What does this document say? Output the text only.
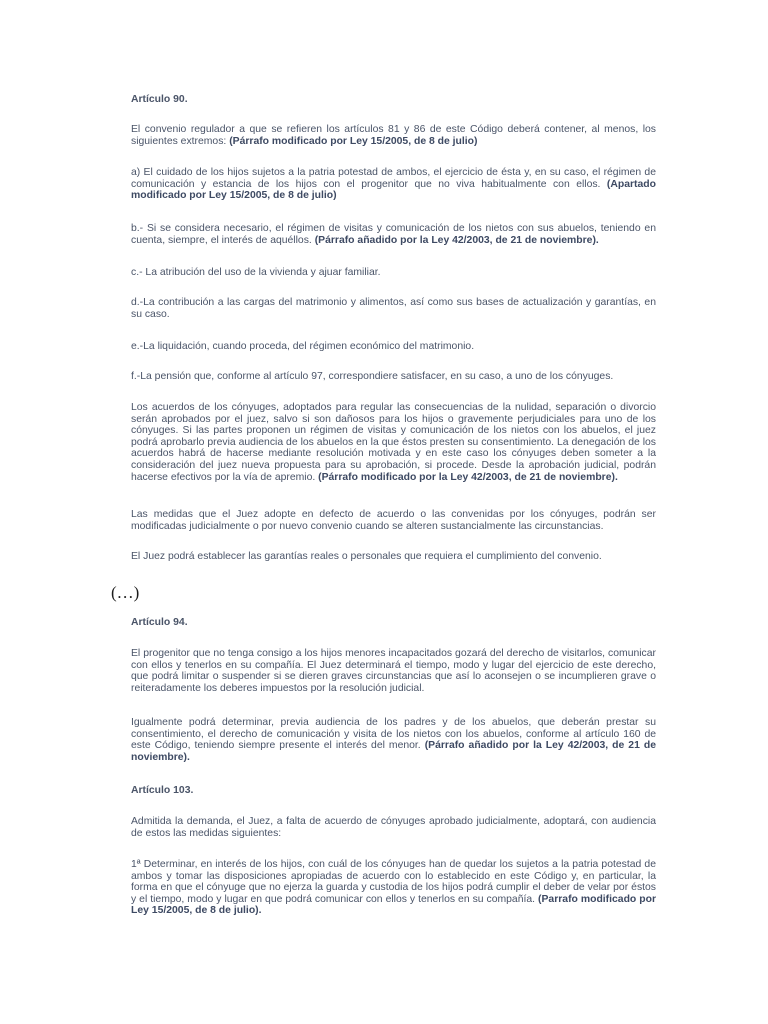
Artículo 90.

El convenio regulador a que se refieren los artículos 81 y 86 de este Código deberá contener, al menos, los siguientes extremos: (Párrafo modificado por Ley 15/2005, de 8 de julio)

a) El cuidado de los hijos sujetos a la patria potestad de ambos, el ejercicio de ésta y, en su caso, el régimen de comunicación y estancia de los hijos con el progenitor que no viva habitualmente con ellos. (Apartado modificado por Ley 15/2005, de 8 de julio)

b.- Si se considera necesario, el régimen de visitas y comunicación de los nietos con sus abuelos, teniendo en cuenta, siempre, el interés de aquéllos. (Párrafo añadido por la Ley 42/2003, de 21 de noviembre).

c.- La atribución del uso de la vivienda y ajuar familiar.

d.-La contribución a las cargas del matrimonio y alimentos, así como sus bases de actualización y garantías, en su caso.

e.-La liquidación, cuando proceda, del régimen económico del matrimonio.

f.-La pensión que, conforme al artículo 97, correspondiere satisfacer, en su caso, a uno de los cónyuges.

Los acuerdos de los cónyuges, adoptados para regular las consecuencias de la nulidad, separación o divorcio serán aprobados por el juez, salvo si son dañosos para los hijos o gravemente perjudiciales para uno de los cónyuges. Si las partes proponen un régimen de visitas y comunicación de los nietos con los abuelos, el juez podrá aprobarlo previa audiencia de los abuelos en la que éstos presten su consentimiento. La denegación de los acuerdos habrá de hacerse mediante resolución motivada y en este caso los cónyuges deben someter a la consideración del juez nueva propuesta para su aprobación, si procede. Desde la aprobación judicial, podrán hacerse efectivos por la vía de apremio. (Párrafo modificado por la Ley 42/2003, de 21 de noviembre).

Las medidas que el Juez adopte en defecto de acuerdo o las convenidas por los cónyuges, podrán ser modificadas judicialmente o por nuevo convenio cuando se alteren sustancialmente las circunstancias.

El Juez podrá establecer las garantías reales o personales que requiera el cumplimiento del convenio.

(…)

Artículo 94.

El progenitor que no tenga consigo a los hijos menores incapacitados gozará del derecho de visitarlos, comunicar con ellos y tenerlos en su compañía. El Juez determinará el tiempo, modo y lugar del ejercicio de este derecho, que podrá limitar o suspender si se dieren graves circunstancias que así lo aconsejen o se incumplieren grave o reiteradamente los deberes impuestos por la resolución judicial.

Igualmente podrá determinar, previa audiencia de los padres y de los abuelos, que deberán prestar su consentimiento, el derecho de comunicación y visita de los nietos con los abuelos, conforme al artículo 160 de este Código, teniendo siempre presente el interés del menor. (Párrafo añadido por la Ley 42/2003, de 21 de noviembre).

Artículo 103.

Admitida la demanda, el Juez, a falta de acuerdo de cónyuges aprobado judicialmente, adoptará, con audiencia de estos las medidas siguientes:

1ª Determinar, en interés de los hijos, con cuál de los cónyuges han de quedar los sujetos a la patria potestad de ambos y tomar las disposiciones apropiadas de acuerdo con lo establecido en este Código y, en particular, la forma en que el cónyuge que no ejerza la guarda y custodia de los hijos podrá cumplir el deber de velar por éstos y el tiempo, modo y lugar en que podrá comunicar con ellos y tenerlos en su compañía. (Parrafo modificado por Ley 15/2005, de 8 de julio).
